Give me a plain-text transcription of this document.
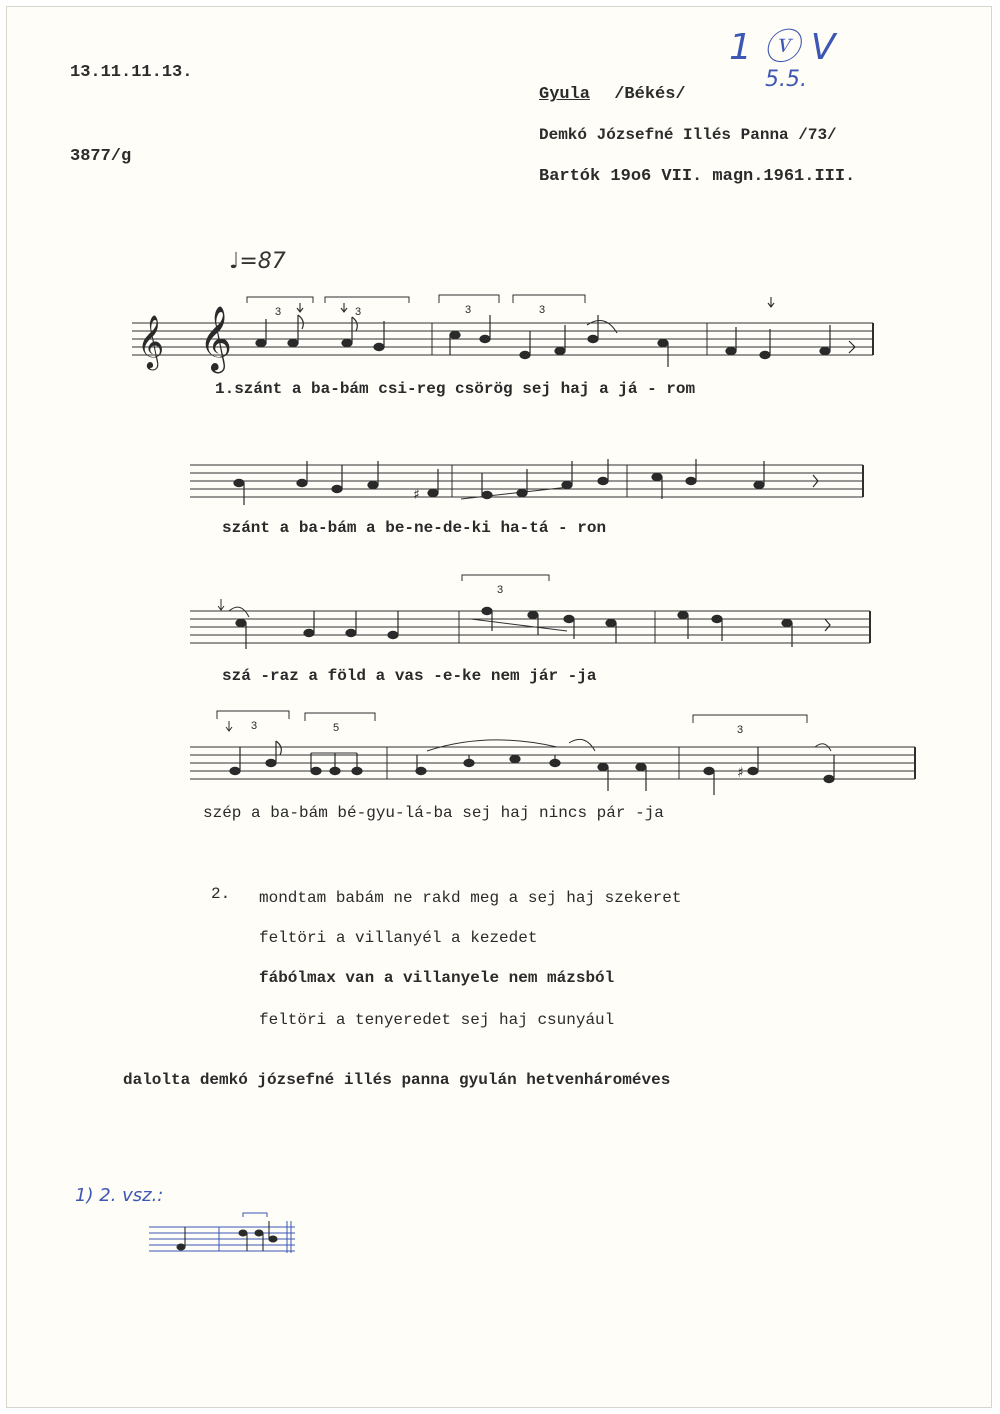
13.11.11.13.
3877/g
Gyula /Békés/
Demkó Józsefné Illés Panna /73/
Bartók 19o6 VII. magn.1961.III.
1 ⓥ V
5.5.
♩=87
𝄞 𝄞	3	3	3	3
1.szánt a ba-bám csi-reg csörög sej haj a já - rom
♯
szánt a ba-bám a be-ne-de-ki ha-tá - ron
3
szá -raz a föld a vas -e-ke nem jár -ja
3	5	3
♯
szép a ba-bám bé-gyu-lá-ba sej haj nincs pár -ja
2. mondtam babám ne rakd meg a sej haj szekeret
feltöri a villanyél a kezedet
fábólmax van a villanyele nem mázsból
feltöri a tenyeredet sej haj csunyául
dalolta demkó józsefné illés panna gyulán hetvenhároméves
1) 2. vsz.:
